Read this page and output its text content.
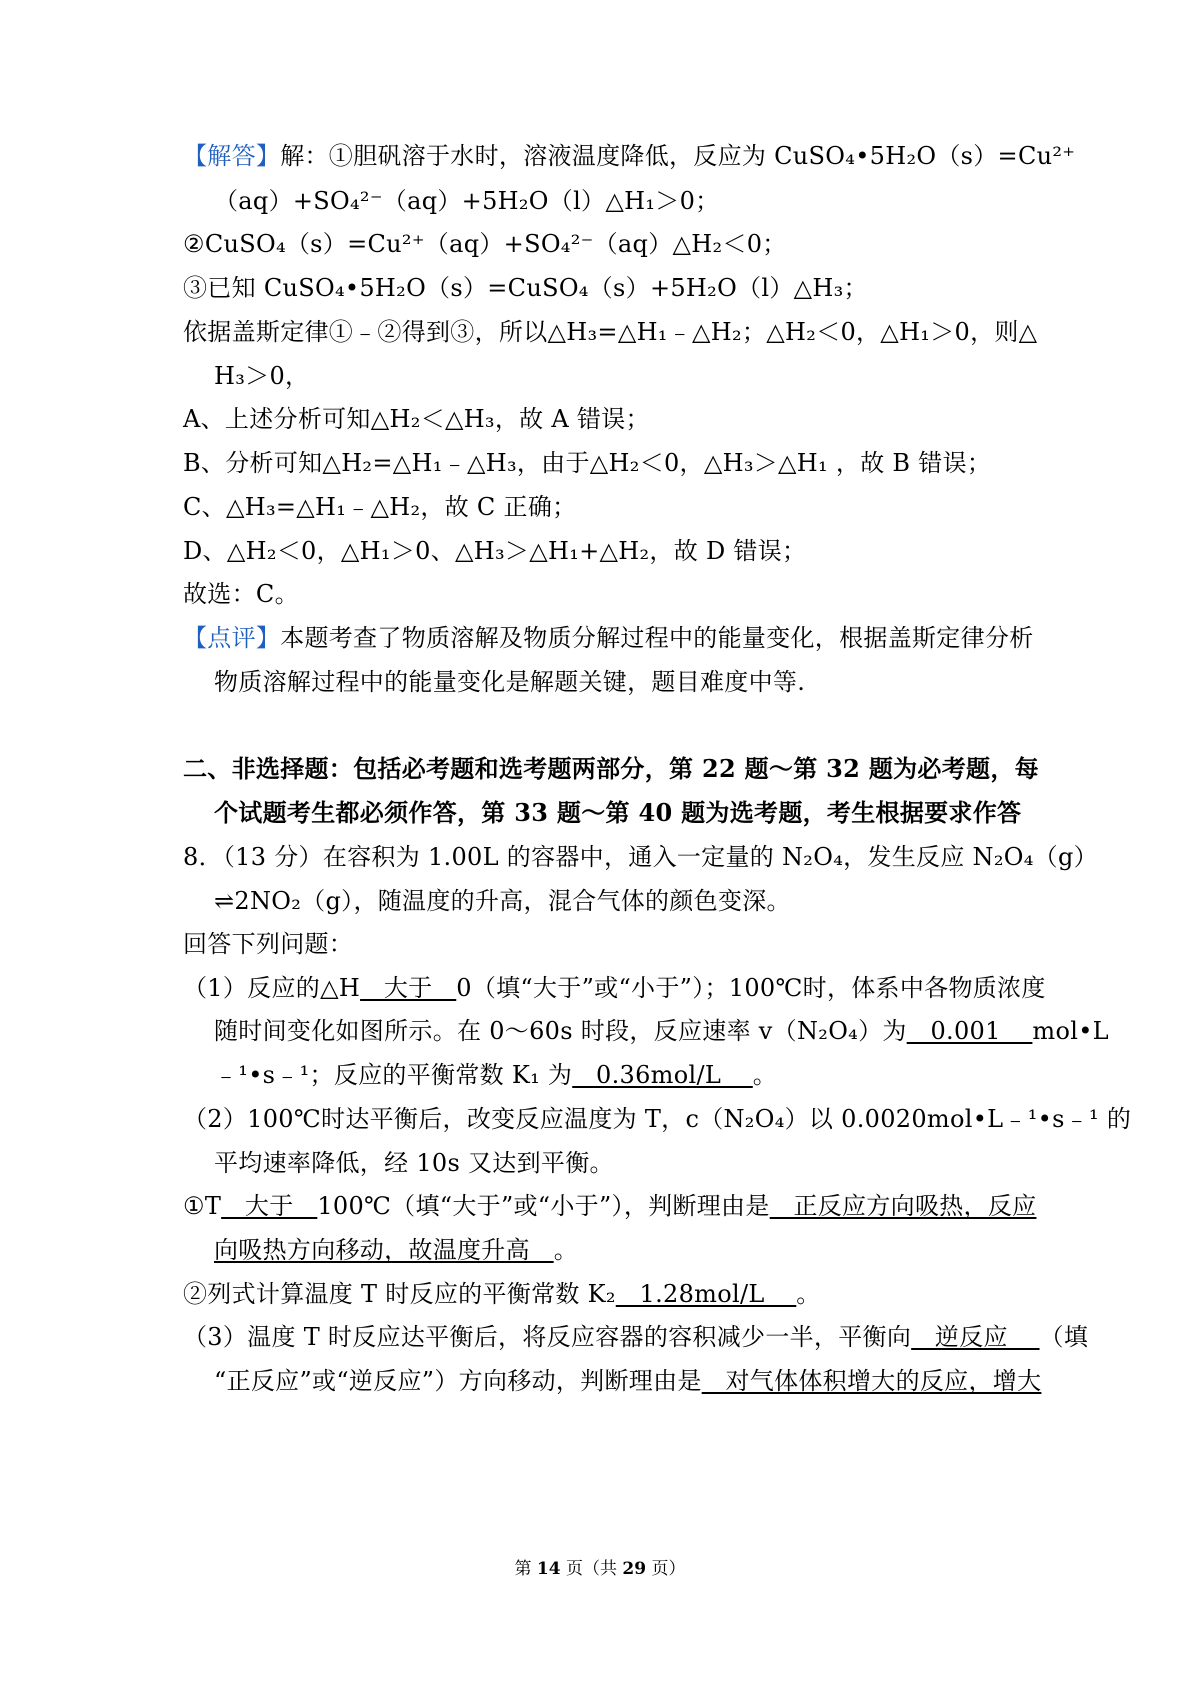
【解答】解：①胆矾溶于水时，溶液温度降低，反应为 CuSO₄•5H₂O（s）=Cu²⁺
（aq）+SO₄²⁻（aq）+5H₂O（l）△H₁＞0；
②CuSO₄（s）=Cu²⁺（aq）+SO₄²⁻（aq）△H₂＜0；
③已知 CuSO₄•5H₂O（s）=CuSO₄（s）+5H₂O（l）△H₃；
依据盖斯定律①﹣②得到③，所以△H₃=△H₁﹣△H₂；△H₂＜0，△H₁＞0，则△
H₃＞0，
A、上述分析可知△H₂＜△H₃，故 A 错误；
B、分析可知△H₂=△H₁﹣△H₃，由于△H₂＜0，△H₃＞△H₁ ，故 B 错误；
C、△H₃=△H₁﹣△H₂，故 C 正确；
D、△H₂＜0，△H₁＞0、△H₃＞△H₁+△H₂，故 D 错误；
故选：C。
【点评】本题考查了物质溶解及物质分解过程中的能量变化，根据盖斯定律分析
物质溶解过程中的能量变化是解题关键，题目难度中等.
二、非选择题：包括必考题和选考题两部分，第 22 题～第 32 题为必考题，每
个试题考生都必须作答，第 33 题～第 40 题为选考题，考生根据要求作答
8．（13 分）在容积为 1.00L 的容器中，通入一定量的 N₂O₄，发生反应 N₂O₄（g）
⇌2NO₂（g），随温度的升高，混合气体的颜色变深。
回答下列问题：
（1）反应的△H   大于   0（填“大于”或“小于”）；100℃时，体系中各物质浓度
随时间变化如图所示。在 0～60s 时段，反应速率 v（N₂O₄）为   0.001    mol•L
﹣¹•s﹣¹；反应的平衡常数 K₁ 为   0.36mol/L    。
（2）100℃时达平衡后，改变反应温度为 T，c（N₂O₄）以 0.0020mol•L﹣¹•s﹣¹ 的
平均速率降低，经 10s 又达到平衡。
①T   大于   100℃（填“大于”或“小于”），判断理由是   正反应方向吸热，反应
向吸热方向移动，故温度升高   。
②列式计算温度 T 时反应的平衡常数 K₂   1.28mol/L    。
（3）温度 T 时反应达平衡后，将反应容器的容积减少一半，平衡向   逆反应    （填
“正反应”或“逆反应”）方向移动，判断理由是   对气体体积增大的反应，增大
第 14 页（共 29 页）
